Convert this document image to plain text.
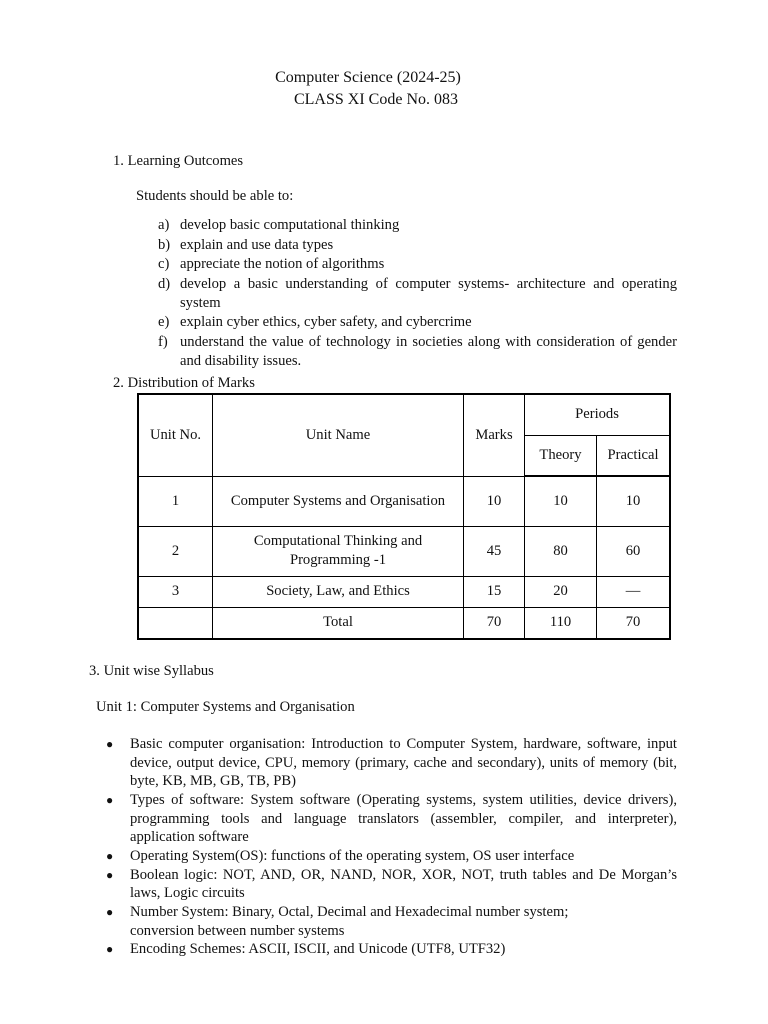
Computer Science (2024-25)
CLASS XI Code No. 083
1. Learning Outcomes
Students should be able to:
a) develop basic computational thinking
b) explain and use data types
c) appreciate the notion of algorithms
d) develop a basic understanding of computer systems- architecture and operating system
e) explain cyber ethics, cyber safety, and cybercrime
f) understand the value of technology in societies along with consideration of gender and disability issues.
2. Distribution of Marks
Unit No.	Unit Name	Marks	Periods	
			Theory	Practical
1	Computer Systems and Organisation	10	10	10
2	Computational Thinking and Programming -1	45	80	60
3	Society, Law, and Ethics	15	20	—
	Total	70	110	70
3. Unit wise Syllabus
Unit 1: Computer Systems and Organisation
●	Basic computer organisation: Introduction to Computer System, hardware, software, input device, output device, CPU, memory (primary, cache and secondary), units of memory (bit, byte, KB, MB, GB, TB, PB)
●	Types of software: System software (Operating systems, system utilities, device drivers), programming tools and language translators (assembler, compiler, and interpreter), application software
●	Operating System(OS): functions of the operating system, OS user interface
●	Boolean logic: NOT, AND, OR, NAND, NOR, XOR, NOT, truth tables and De Morgan’s laws, Logic circuits
●	Number System: Binary, Octal, Decimal and Hexadecimal number system;
conversion between number systems
●	Encoding Schemes: ASCII, ISCII, and Unicode (UTF8, UTF32)
